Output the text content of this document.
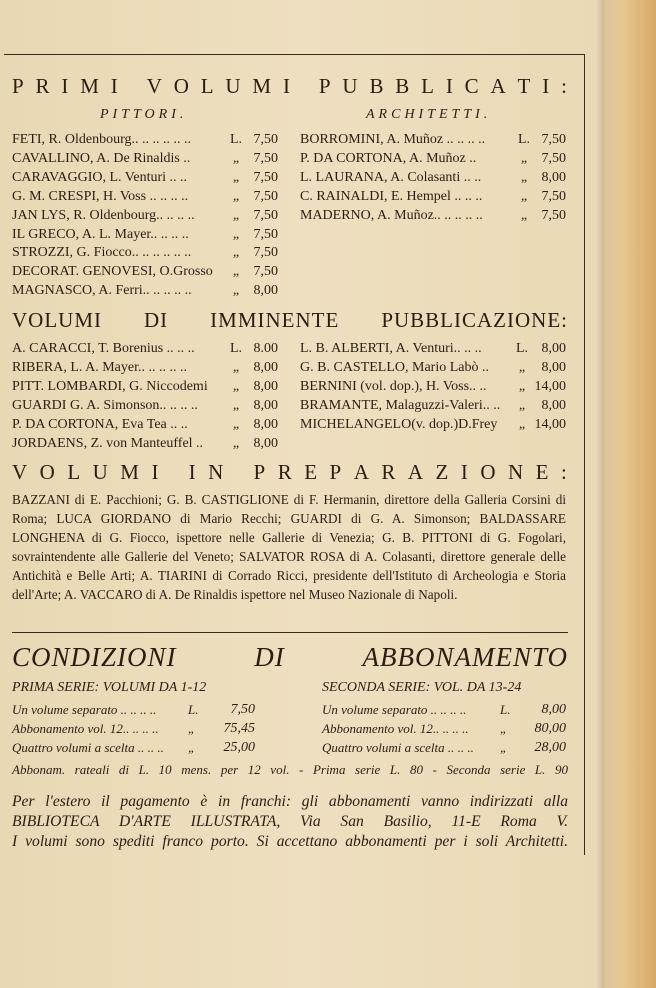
P R I M I
V O L U M I
P U B B L I C A T I :
PITTORI.	ARCHITETTI.
FETI, R. Oldenbourg.. .. .. .. .. ..	L. 7,50
CAVALLINO, A. De Rinaldis ..	„ 7,50
CARAVAGGIO, L. Venturi .. ..	„ 7,50
G. M. CRESPI, H. Voss .. .. .. ..	„ 7,50
JAN LYS, R. Oldenbourg.. .. .. ..	„ 7,50
IL GRECO, A. L. Mayer.. .. .. ..	„ 7,50
STROZZI, G. Fiocco.. .. .. .. .. ..	„ 7,50
DECORAT. GENOVESI, O.Grosso „ 7,50
MAGNASCO, A. Ferri.. .. .. .. ..	„ 8,00
BORROMINI, A. Muñoz .. .. .. .. L. 7,50
P. DA CORTONA, A. Muñoz ..	„ 7,50
L. LAURANA, A. Colasanti .. ..	„ 8,00
C. RAINALDI, E. Hempel .. .. ..	„ 7,50
MADERNO, A. Muñoz.. .. .. .. ..	„ 7,50
VOLUMI DI IMMINENTE PUBBLICAZIONE:
A. CARACCI, T. Borenius .. .. ..	L. 8.00
RIBERA, L. A. Mayer.. .. .. .. ..	„ 8,00
PITT. LOMBARDI, G. Niccodemi „ 8,00
GUARDI G. A. Simonson.. .. .. .. „ 8,00
P. DA CORTONA, Eva Tea .. ..	„ 8,00
JORDAENS, Z. von Manteuffel .. „ 8,00
L. B. ALBERTI, A. Venturi.. .. .. L. 8,00
G. B. CASTELLO, Mario Labò .. „ 8,00
BERNINI (vol. dop.), H. Voss.. .. „ 14,00
BRAMANTE, Malaguzzi-Valeri.. .. „ 8,00
MICHELANGELO(v. dop.)D.Frey „ 14,00
V O L U M I
I N
P R E P A R A Z I O N E :
BAZZANI di E. Pacchioni; G. B. CASTIGLIONE di F. Hermanin, direttore della Galleria Corsini di Roma; LUCA GIORDANO di Mario Recchi; GUARDI di G. A. Simonson; BALDASSARE LONGHENA di G. Fiocco, ispettore nelle Gallerie di Venezia; G. B. PITTONI di G. Fogolari, sovraintendente alle Gallerie del Veneto; SALVATOR ROSA di A. Colasanti, direttore generale delle Antichità e Belle Arti; A. TIARINI di Corrado Ricci, presidente dell'Istituto di Archeologia e Storia dell'Arte; A. VACCARO di A. De Rinaldis ispettore nel Museo Nazionale di Napoli.
CONDIZIONI	DI	ABBONAMENTO
PRIMA SERIE: VOLUMI DA 1-12	SECONDA SERIE: VOL. DA 13-24
Un volume separato .. .. .. .. L. 7,50
Abbonamento vol. 12.. .. .. .. „ 75,45
Quattro volumi a scelta .. .. .. „ 25,00
Un volume separato .. .. .. ..	L. 8,00
Abbonamento vol. 12.. .. .. .. „ 80,00
Quattro volumi a scelta .. .. .. „ 28,00
Abbonam. rateali di L. 10 mens. per 12 vol. - Prima serie L. 80 - Seconda serie L. 90
Per l'estero il pagamento è in franchi: gli abbonamenti vanno indirizzati alla
BIBLIOTECA D'ARTE ILLUSTRATA, Via San Basilio, 11-E Roma V.
I volumi sono spediti franco porto. Si accettano abbonamenti per i soli Architetti.
